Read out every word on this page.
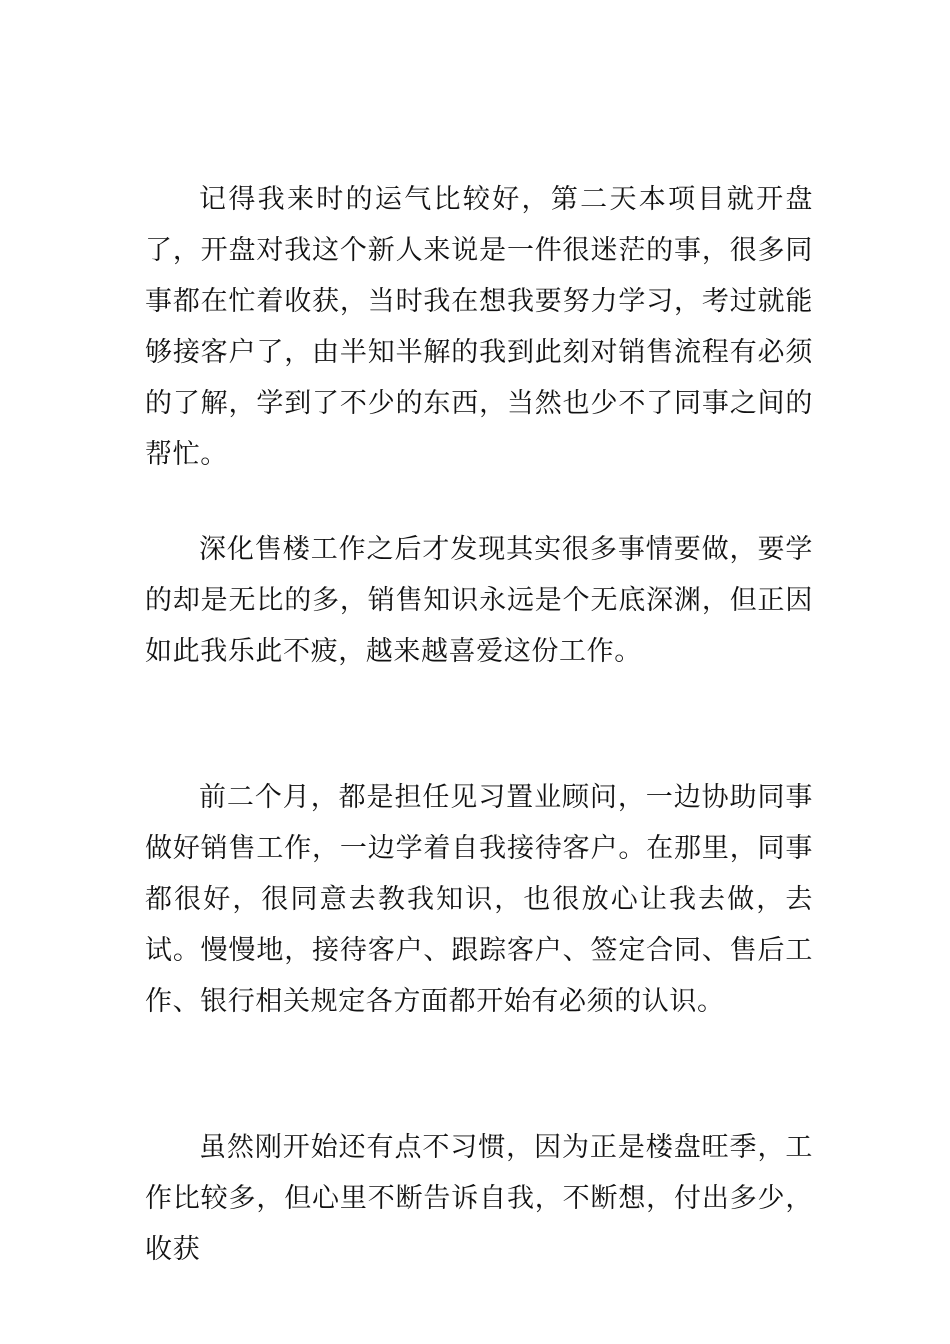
记得我来时的运气比较好，第二天本项目就开盘了，开盘对我这个新人来说是一件很迷茫的事，很多同事都在忙着收获，当时我在想我要努力学习，考过就能够接客户了，由半知半解的我到此刻对销售流程有必须的了解，学到了不少的东西，当然也少不了同事之间的帮忙。

深化售楼工作之后才发现其实很多事情要做，要学的却是无比的多，销售知识永远是个无底深渊，但正因如此我乐此不疲，越来越喜爱这份工作。

前二个月，都是担任见习置业顾问，一边协助同事做好销售工作，一边学着自我接待客户。在那里，同事都很好，很同意去教我知识，也很放心让我去做，去试。慢慢地，接待客户、跟踪客户、签定合同、售后工作、银行相关规定各方面都开始有必须的认识。

虽然刚开始还有点不习惯，因为正是楼盘旺季，工作比较多，但心里不断告诉自我，不断想，付出多少，收获
